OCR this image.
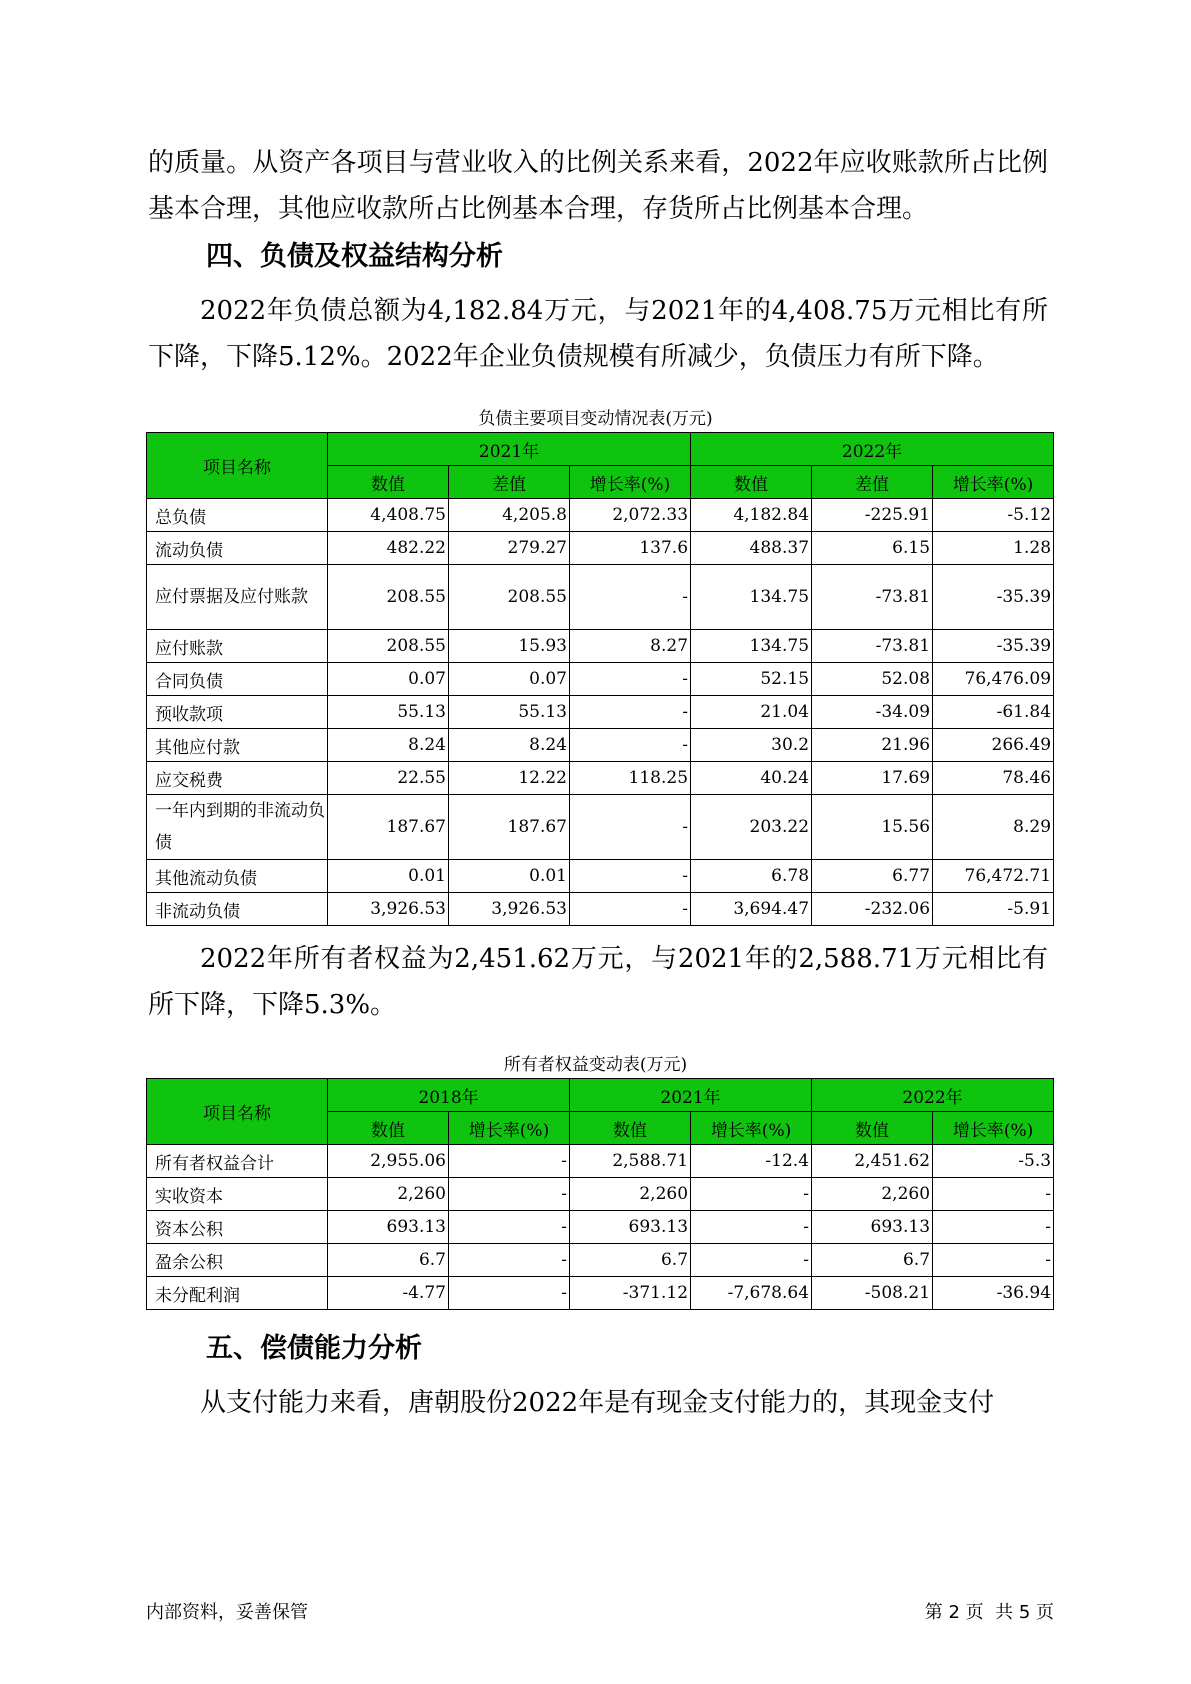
的质量。从资产各项目与营业收入的比例关系来看，2022年应收账款所占比例基本合理，其他应收款所占比例基本合理，存货所占比例基本合理。
四、负债及权益结构分析
2022年负债总额为4,182.84万元，与2021年的4,408.75万元相比有所下降，下降5.12%。2022年企业负债规模有所减少，负债压力有所下降。
负债主要项目变动情况表(万元)
项目名称	2021年			2022年		
	数值	差值	增长率(%)	数值	差值	增长率(%)
总负债	4,408.75	4,205.8	2,072.33	4,182.84	-225.91	-5.12
流动负债	482.22	279.27	137.6	488.37	6.15	1.28
应付票据及应付账款	208.55	208.55	-	134.75	-73.81	-35.39
应付账款	208.55	15.93	8.27	134.75	-73.81	-35.39
合同负债	0.07	0.07	-	52.15	52.08	76,476.09
预收款项	55.13	55.13	-	21.04	-34.09	-61.84
其他应付款	8.24	8.24	-	30.2	21.96	266.49
应交税费	22.55	12.22	118.25	40.24	17.69	78.46
一年内到期的非流动负债	187.67	187.67	-	203.22	15.56	8.29
其他流动负债	0.01	0.01	-	6.78	6.77	76,472.71
非流动负债	3,926.53	3,926.53	-	3,694.47	-232.06	-5.91
2022年所有者权益为2,451.62万元，与2021年的2,588.71万元相比有所下降，下降5.3%。
所有者权益变动表(万元)
项目名称	2018年		2021年		2022年	
	数值	增长率(%)	数值	增长率(%)	数值	增长率(%)
所有者权益合计	2,955.06	-	2,588.71	-12.4	2,451.62	-5.3
实收资本	2,260	-	2,260	-	2,260	-
资本公积	693.13	-	693.13	-	693.13	-
盈余公积	6.7	-	6.7	-	6.7	-
未分配利润	-4.77	-	-371.12	-7,678.64	-508.21	-36.94
五、偿债能力分析
从支付能力来看，唐朝股份2022年是有现金支付能力的，其现金支付
内部资料，妥善保管	第 2 页  共 5 页
